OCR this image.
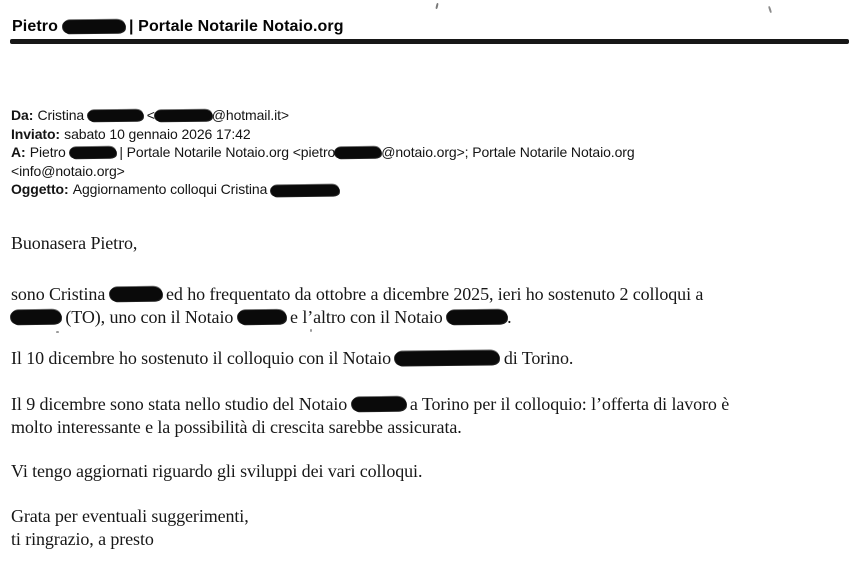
Pietro	| Portale Notarile Notaio.org
Da: Cristina	<	@hotmail.it>
Inviato: sabato 10 gennaio 2026 17:42
A: Pietro	| Portale Notarile Notaio.org <pietro	@notaio.org>; Portale Notarile Notaio.org
<info@notaio.org>
Oggetto: Aggiornamento colloqui Cristina

Buonasera Pietro,

sono Cristina	ed ho frequentato da ottobre a dicembre 2025, ieri ho sostenuto 2 colloqui a
(TO), uno con il Notaio	e l’altro con il Notaio	.

Il 10 dicembre ho sostenuto il colloquio con il Notaio	di Torino.

Il 9 dicembre sono stata nello studio del Notaio	a Torino per il colloquio: l’offerta di lavoro è
molto interessante e la possibilità di crescita sarebbe assicurata.

Vi tengo aggiornati riguardo gli sviluppi dei vari colloqui.

Grata per eventuali suggerimenti,
ti ringrazio, a presto
